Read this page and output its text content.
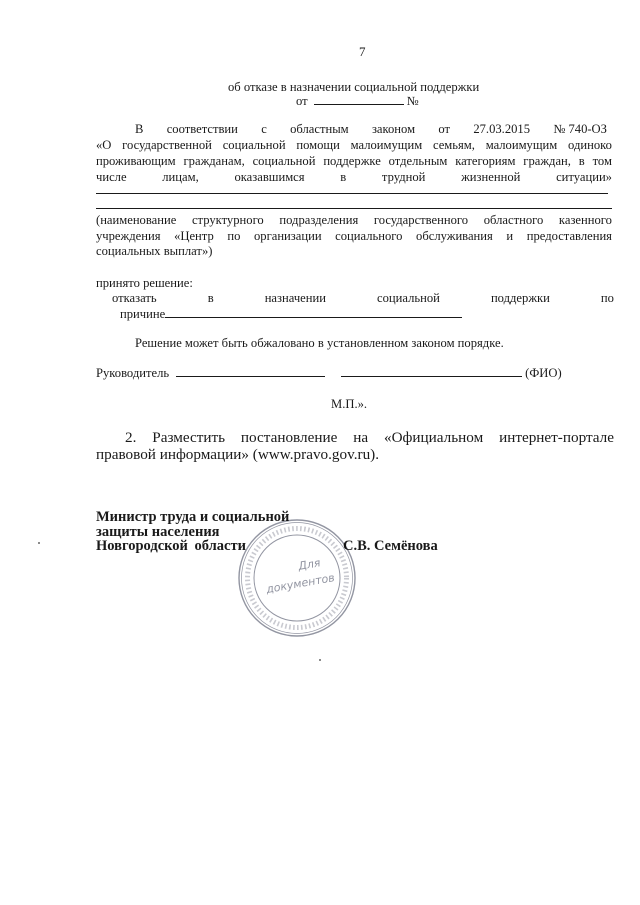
7
об отказе в назначении социальной поддержки
от	№
В соответствии с областным законом от 27.03.2015 № 740-ОЗ
«О государственной социальной помощи малоимущим семьям, малоимущим одиноко
проживающим гражданам, социальной поддержке отдельным категориям граждан, в том
числе	лицам,	оказавшимся	в	трудной	жизненной	ситуации»
(наименование структурного подразделения государственного областного казенного
учреждения «Центр по организации социального обслуживания и предоставления
социальных выплат»)
принято решение:
отказать	в	назначении	социальной	поддержки	по
причине
Решение может быть обжаловано в установленном законом порядке.
Руководитель	(ФИО)
М.П.».
2. Разместить постановление на «Официальном интернет-портале
правовой информации» (www.pravo.gov.ru).
Министр труда и социальной
защиты населения
Новгородской области	С.В. Семёнова
Для
документов
